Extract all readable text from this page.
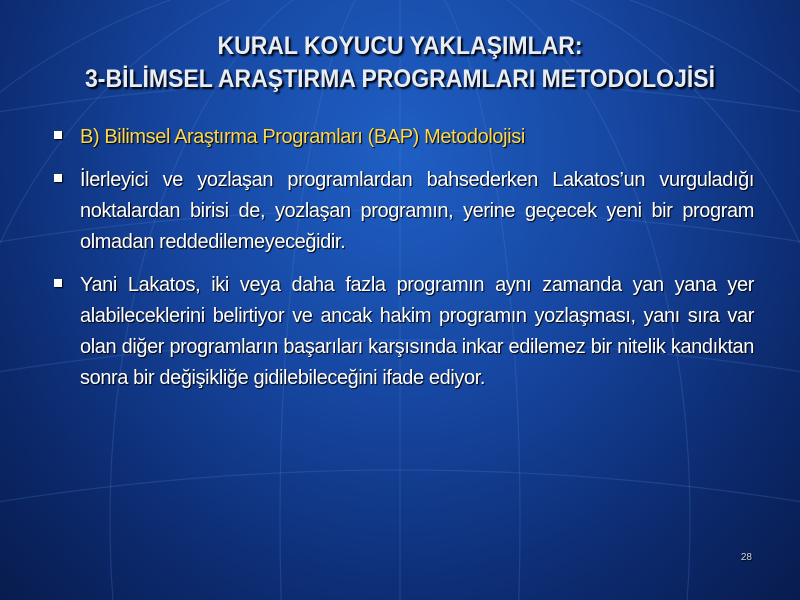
KURAL KOYUCU YAKLAŞIMLAR:
3-BİLİMSEL ARAŞTIRMA PROGRAMLARI METODOLOJİSİ
B) Bilimsel Araştırma Programları (BAP) Metodolojisi
İlerleyici ve yozlaşan programlardan bahsederken Lakatos’un vurguladığı noktalardan birisi de, yozlaşan programın, yerine geçecek yeni bir program olmadan reddedilemeyeceğidir.
Yani Lakatos, iki veya daha fazla programın aynı zamanda yan yana yer alabileceklerini belirtiyor ve ancak hakim programın yozlaşması, yanı sıra var olan diğer programların başarıları karşısında inkar edilemez bir nitelik kandıktan sonra bir değişikliğe gidilebileceğini ifade ediyor.
28
